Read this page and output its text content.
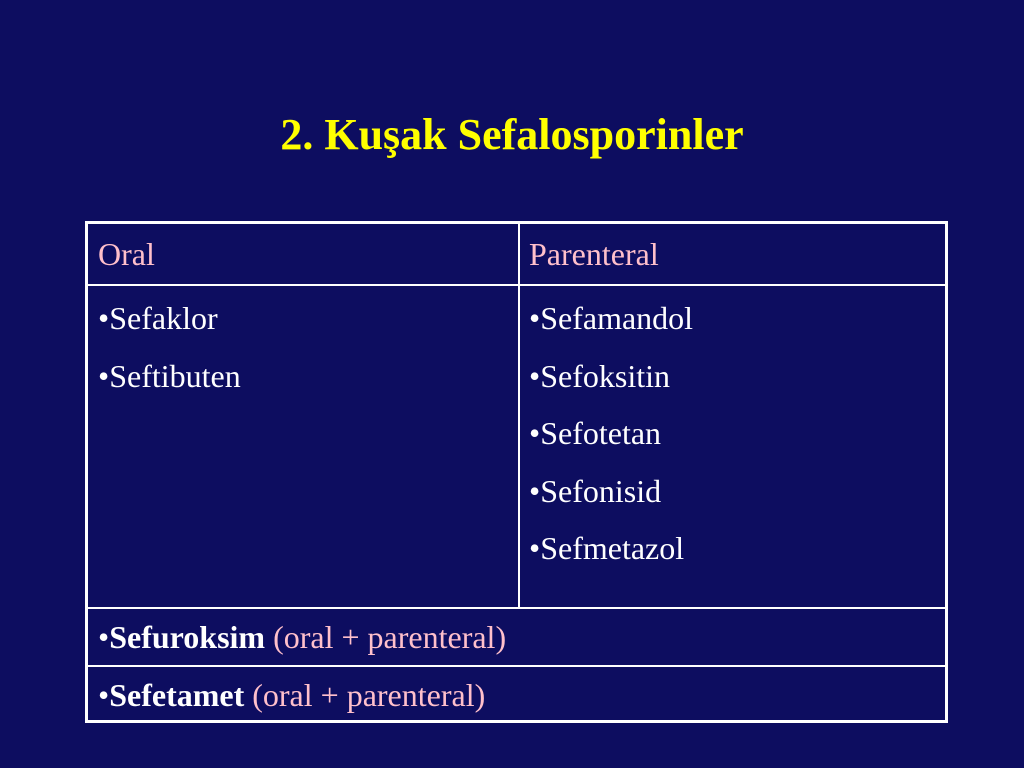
2. Kuşak Sefalosporinler
Oral	Parenteral
•Sefaklor
•Seftibuten
•Sefamandol
•Sefoksitin
•Sefotetan
•Sefonisid
•Sefmetazol
•Sefuroksim (oral + parenteral)
•Sefetamet (oral + parenteral)
